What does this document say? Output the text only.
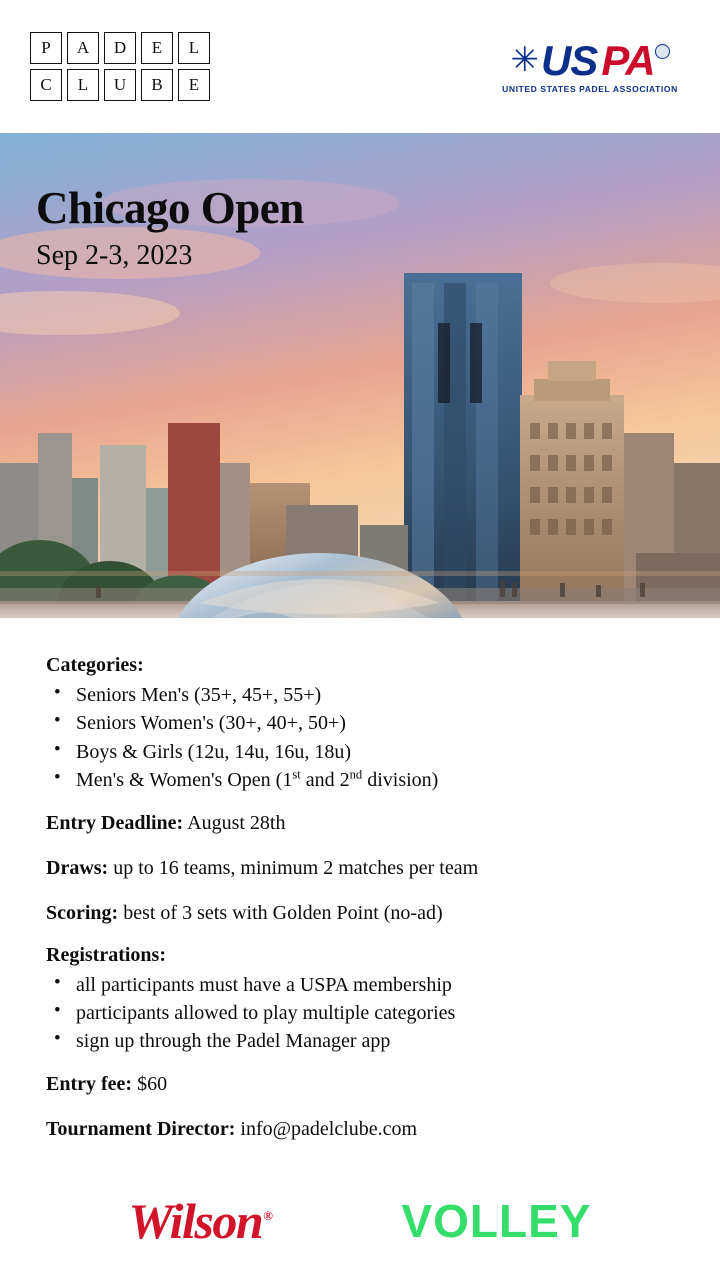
P	A	D	E	L
C	L	U	B	E
✳ US PA
UNITED STATES PADEL ASSOCIATION
Chicago Open
Sep 2-3, 2023
Categories:
• Seniors Men's (35+, 45+, 55+)
• Seniors Women's (30+, 40+, 50+)
• Boys & Girls (12u, 14u, 16u, 18u)
• Men's & Women's Open (1st and 2nd division)
Entry Deadline: August 28th
Draws: up to 16 teams, minimum 2 matches per team
Scoring: best of 3 sets with Golden Point (no-ad)
Registrations:
• all participants must have a USPA membership
• participants allowed to play multiple categories
• sign up through the Padel Manager app
Entry fee: $60
Tournament Director: info@padelclube.com
Wilson ®	VOLLEY
